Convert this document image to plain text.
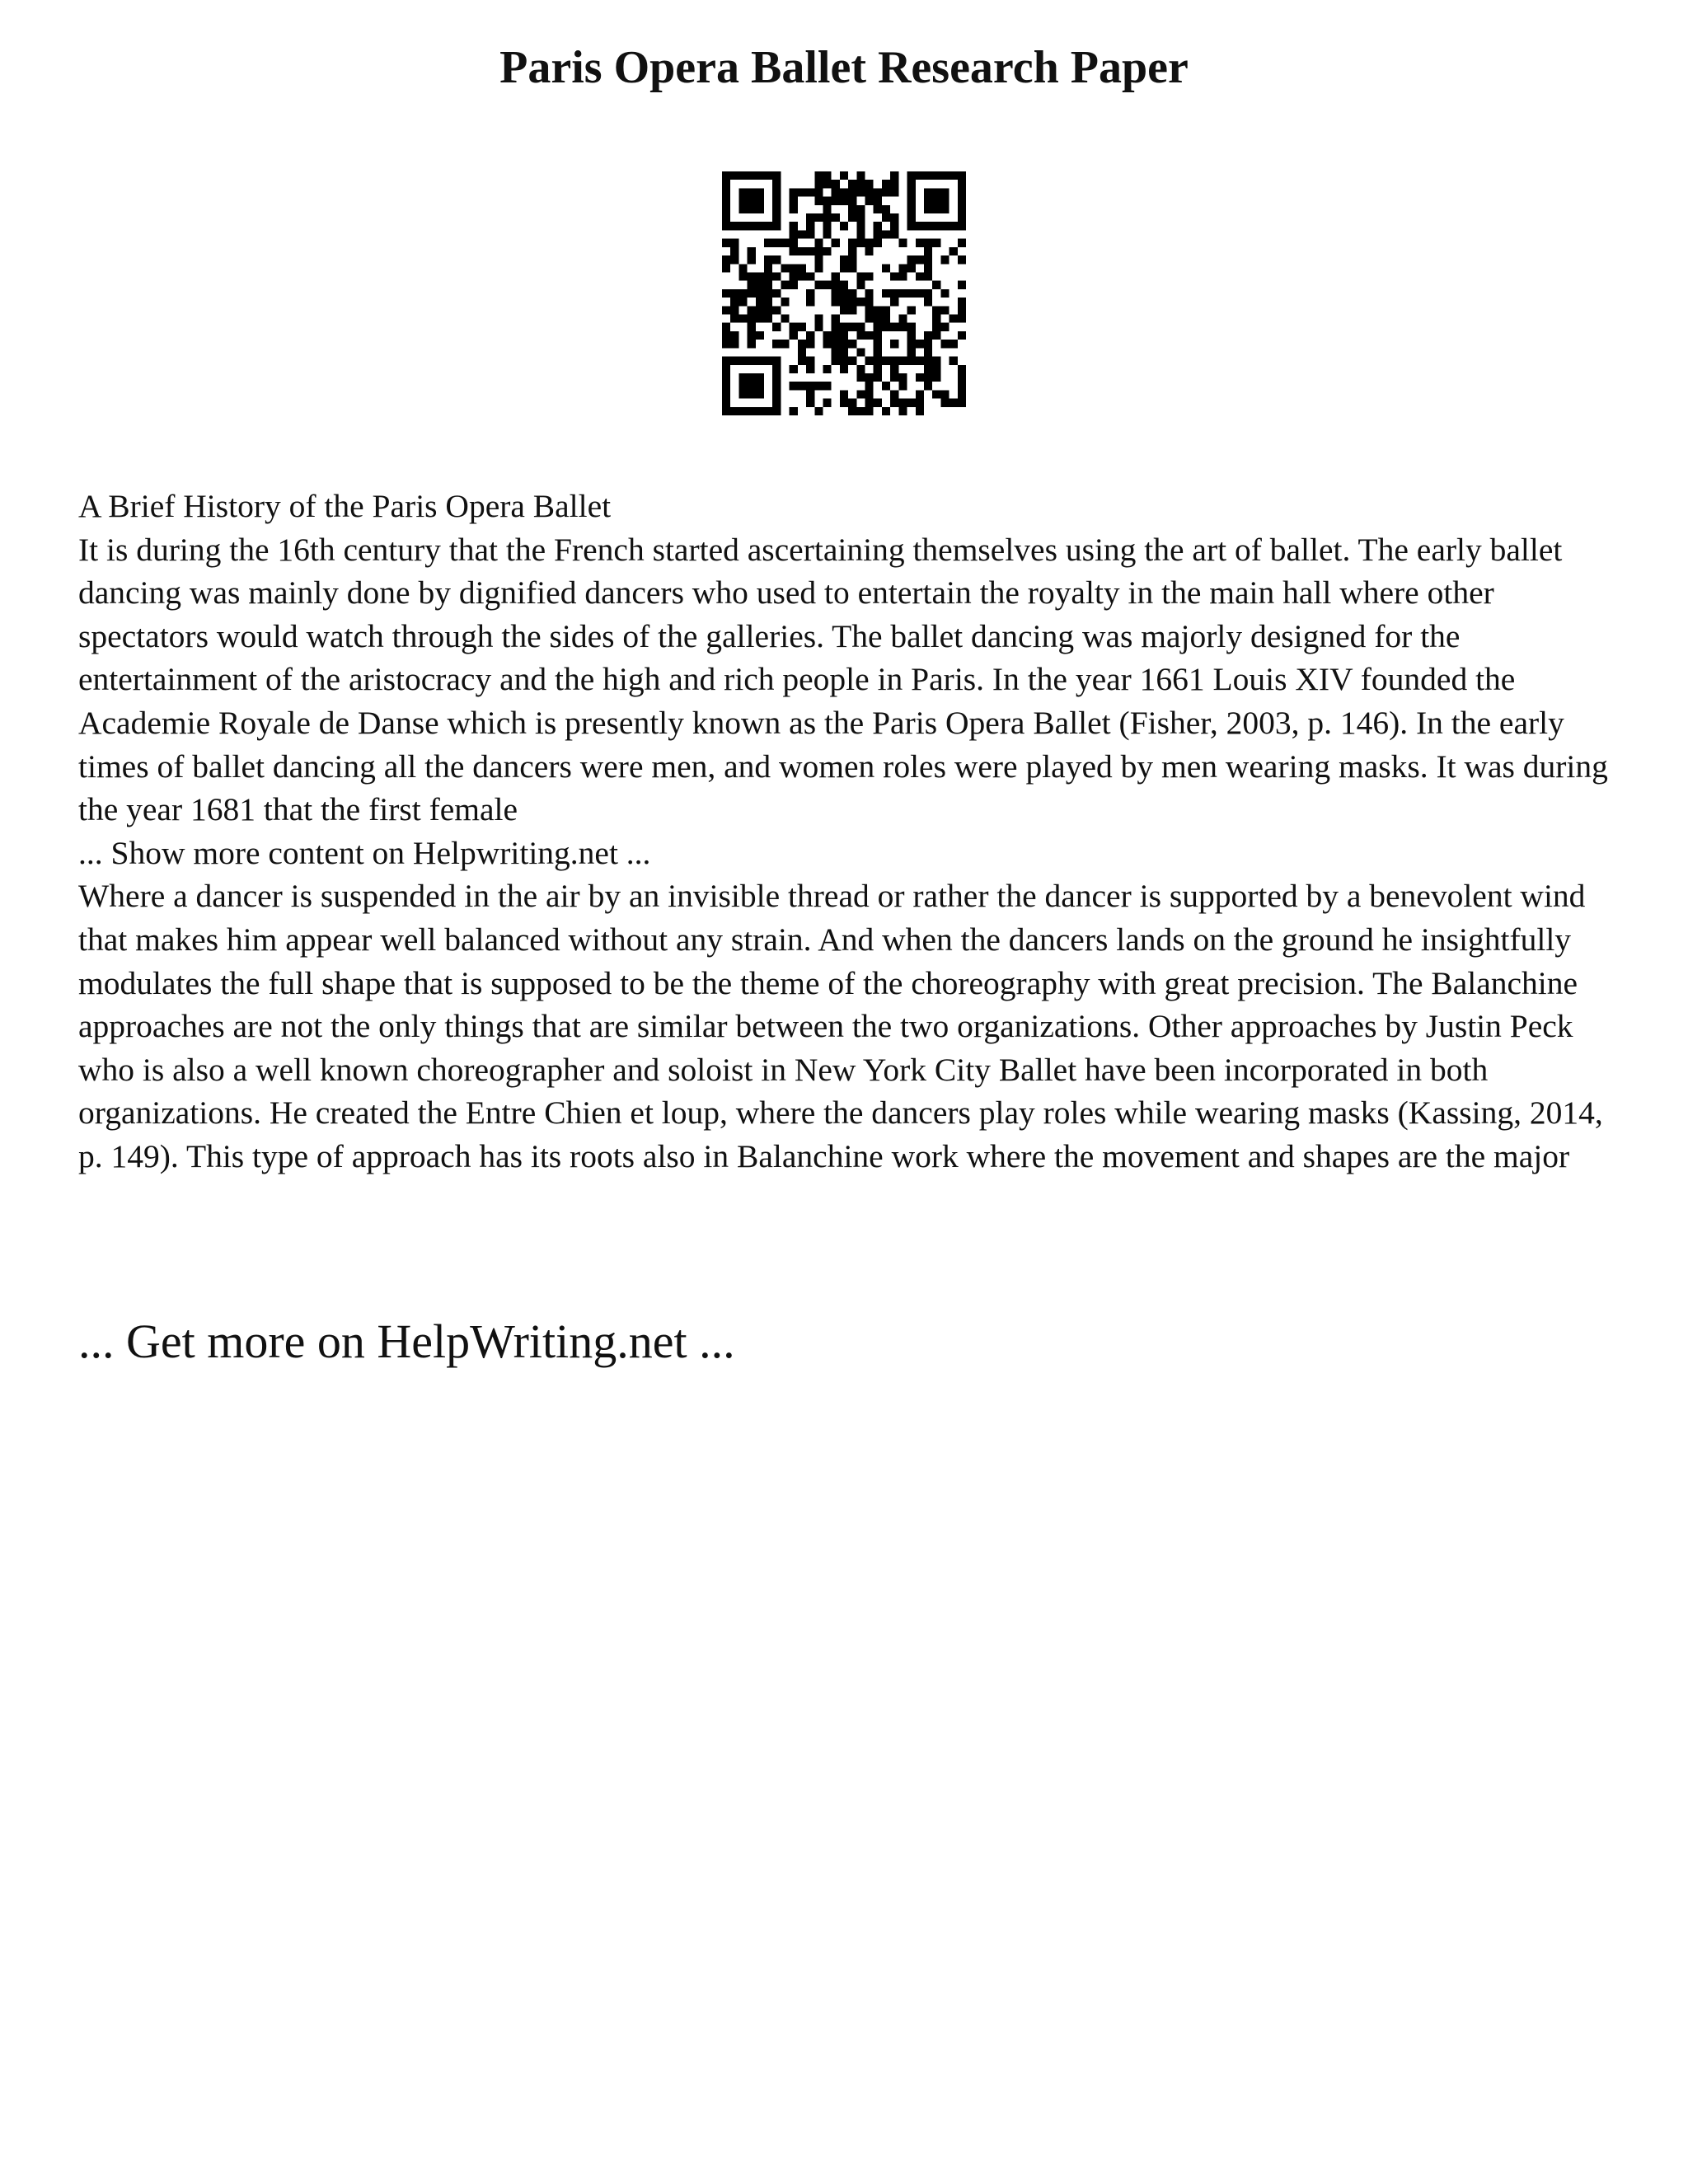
Paris Opera Ballet Research Paper

A Brief History of the Paris Opera Ballet

It is during the 16th century that the French started ascertaining themselves using the art of ballet. The early ballet dancing was mainly done by dignified dancers who used to entertain the royalty in the main hall where other spectators would watch through the sides of the galleries. The ballet dancing was majorly designed for the entertainment of the aristocracy and the high and rich people in Paris. In the year 1661 Louis XIV founded the Academie Royale de Danse which is presently known as the Paris Opera Ballet (Fisher, 2003, p. 146). In the early times of ballet dancing all the dancers were men, and women roles were played by men wearing masks. It was during the year 1681 that the first female

... Show more content on Helpwriting.net ...

Where a dancer is suspended in the air by an invisible thread or rather the dancer is supported by a benevolent wind that makes him appear well balanced without any strain. And when the dancers lands on the ground he insightfully modulates the full shape that is supposed to be the theme of the choreography with great precision. The Balanchine approaches are not the only things that are similar between the two organizations. Other approaches by Justin Peck who is also a well known choreographer and soloist in New York City Ballet have been incorporated in both organizations. He created the Entre Chien et loup, where the dancers play roles while wearing masks (Kassing, 2014, p. 149). This type of approach has its roots also in Balanchine work where the movement and shapes are the major

... Get more on HelpWriting.net ...
